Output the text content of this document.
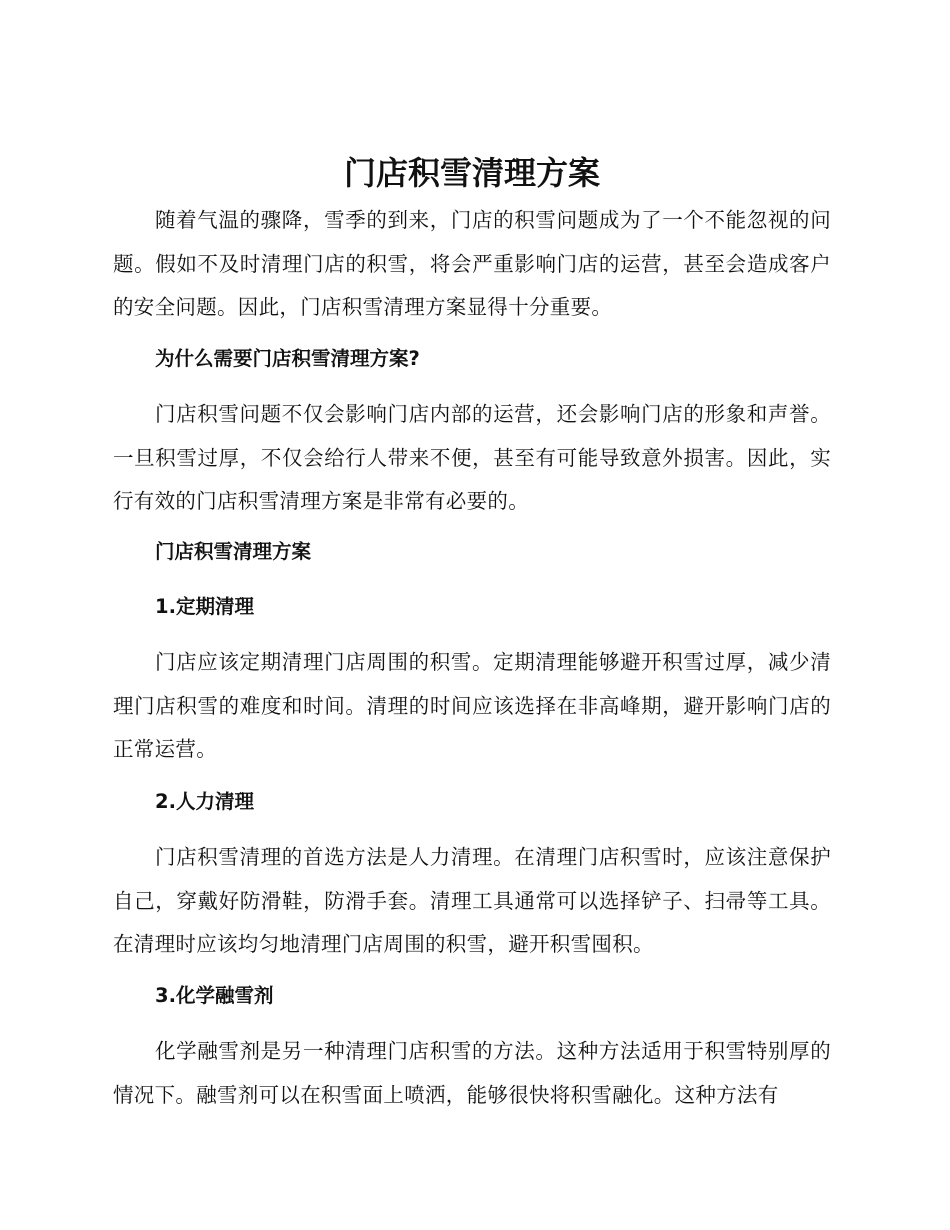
门店积雪清理方案

随着气温的骤降，雪季的到来，门店的积雪问题成为了一个不能忽视的问题。假如不及时清理门店的积雪，将会严重影响门店的运营，甚至会造成客户的安全问题。因此，门店积雪清理方案显得十分重要。

为什么需要门店积雪清理方案?

门店积雪问题不仅会影响门店内部的运营，还会影响门店的形象和声誉。一旦积雪过厚，不仅会给行人带来不便，甚至有可能导致意外损害。因此，实行有效的门店积雪清理方案是非常有必要的。

门店积雪清理方案
1.定期清理

门店应该定期清理门店周围的积雪。定期清理能够避开积雪过厚，减少清理门店积雪的难度和时间。清理的时间应该选择在非高峰期，避开影响门店的正常运营。

2.人力清理

门店积雪清理的首选方法是人力清理。在清理门店积雪时，应该注意保护自己，穿戴好防滑鞋，防滑手套。清理工具通常可以选择铲子、扫帚等工具。在清理时应该均匀地清理门店周围的积雪，避开积雪囤积。

3.化学融雪剂

化学融雪剂是另一种清理门店积雪的方法。这种方法适用于积雪特别厚的情况下。融雪剂可以在积雪面上喷洒，能够很快将积雪融化。这种方法有
